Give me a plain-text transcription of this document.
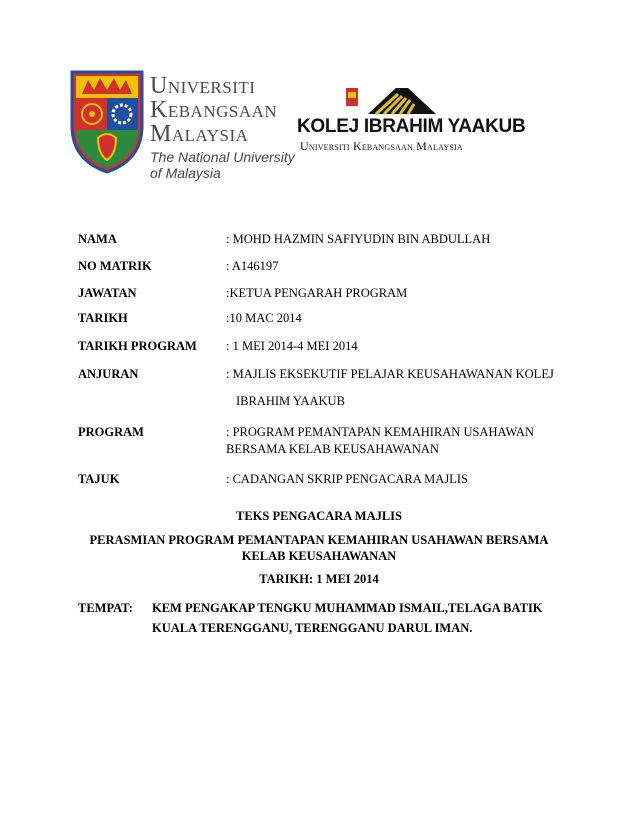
Universiti
Kebangsaan
Malaysia
The National University
of Malaysia
KOLEJ IBRAHIM YAAKUB
Universiti Kebangsaan Malaysia
NAMA	: MOHD HAZMIN SAFIYUDIN BIN ABDULLAH
NO MATRIK	: A146197
JAWATAN	:KETUA PENGARAH PROGRAM
TARIKH	:10 MAC 2014
TARIKH PROGRAM : 1 MEI 2014-4 MEI 2014
ANJURAN	: MAJLIS EKSEKUTIF PELAJAR KEUSAHAWANAN KOLEJ
IBRAHIM YAAKUB
PROGRAM	: PROGRAM PEMANTAPAN KEMAHIRAN USAHAWAN
BERSAMA KELAB KEUSAHAWANAN
TAJUK	: CADANGAN SKRIP PENGACARA MAJLIS
TEKS PENGACARA MAJLIS
PERASMIAN PROGRAM PEMANTAPAN KEMAHIRAN USAHAWAN BERSAMA
KELAB KEUSAHAWANAN
TARIKH: 1 MEI 2014
TEMPAT: KEM PENGAKAP TENGKU MUHAMMAD ISMAIL,TELAGA BATIK
KUALA TERENGGANU, TERENGGANU DARUL IMAN.
